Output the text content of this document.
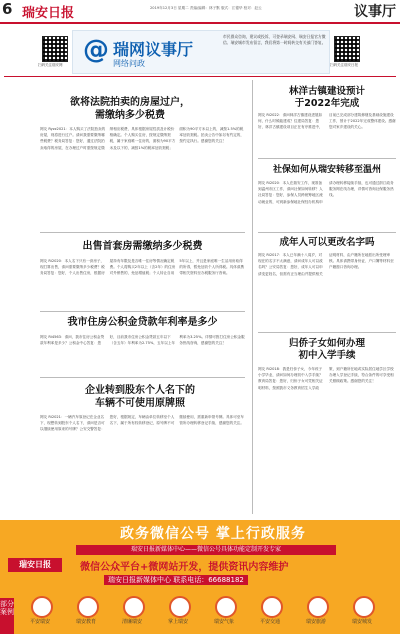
6 瑞安日报	2019年12月3日 星期二 责编/编辑：林子默 版式：江德华 校对：赵云	议事厅
扫码关注瑞安网 @ 瑞网议事厅
网络问政
市民群众咨询，建议或投诉，可登录瑞安网、瑞安日报官方微信、瑞安城市发布留言，我们将第一时间转交有关部门答复。
扫码关注瑞安日报
欲将法院拍卖的房屋过户，
需缴纳多少税费
网友 Ryzz2021：本人购买了法院拍卖的房屋，现将进行过户。请问我需要缴纳哪些税费？税务局答复：您好，通过法院拍卖取得的房屋，在办理过户时需按规定缴纳相应税费，具体根据房屋性质及计税价格确定。个人购买住房，按规定缴纳契税，属于家庭唯一住房的，面积为90平方米及以下的，减按1%的税率征收契税；面积为90平方米以上的，减按1.5%的税率征收契税。拍卖公告中如另有约定的，按约定执行。感谢您的关注！
出售首套房需缴纳多少税费
网友 Ri2020：本人名下只有一套房子，现打算出售，请问需要缴纳多少税费？税务局答复：您好，个人出售住房，根据房屋持有年限及是否唯一住房等情况确定税费。个人将购买2年以上（含2年）的住房对外销售的，免征增值税；个人转让自用5年以上，并且是家庭唯一生活用房取得的所得，暂免征收个人所得税。具体请携带相关资料至办税服务厅咨询。
我市住房公积金贷款年利率是多少
网友 Ri4563：请问，我市住房公积金贷款年利率是多少？公积金中心答复：您好，目前我市住房公积金贷款五年以下（含五年）年利率为2.75%，五年以上年利率为3.25%。详情可拨打住房公积金服务热线咨询，感谢您的关注！
企业转到股东个人名下的
车辆不可使用原牌照
网友 Ri2021：一辆汽车原登记在企业名下，现想转到股东个人名下，请问是否可以继续使用原来的号牌？公安交警答复：您好，根据规定，车辆由单位转移至个人名下，属于所有权转移登记，原号牌不可继续使用，需重新申领号牌。具体可至车管所办理转移登记手续，感谢您的关注。
林洋古镇建设预计
于2022年完成
网友 Ri2022：请问林洋古镇建设进展如何，什么时候能建成？住建局答复：您好，林洋古镇建设项目正在有序推进中，目前已完成部分建筑修缮及基础设施建设工作，预计于2022年完成整体建设。感谢您对家乡建设的关心。
社保如何从瑞安转移至温州
网友 Ri2020：本人在瑞安工作，现准备到温州市区工作，请问社保如何转移？人社局答复：您好，参保人员跨统筹地区流动就业的，可到新参保地社保经办机构申请办理转移接续手续，也可通过浙江政务服务网在线办理，详情可咨询社保服务热线。
成年人可以更改名字吗
网友 Ri2017：本人已年满十八周岁，对现在的名字不太满意，请问成年人可以改名吗？公安局答复：您好，成年人可以申请变更姓名，但需有正当理由并提供相关证明材料，由户籍所在地派出所受理审核。具体请携带身份证、户口簿等材料至户籍窗口咨询办理。
归侨子女如何办理
初中入学手续
网友 Ri2018：我是归侨子女，今年孩子小学毕业，请问如何办理初中入学手续？教育局答复：您好，归侨子女可凭相关证明材料，按照我市义务教育招生入学政策，到户籍所在地或实际居住地学区学校办理入学登记手续，符合条件的可享受相关照顾政策。感谢您的关注！
瑞安日报
政务微信公号 掌上行政服务
瑞安日报新媒体中心——微信公号具体功能定制开发专家
微信公众平台+微网站开发，提供资讯内容维护
瑞安日报新媒体中心 联系电话：66688182
部分案例
平安瑞安	瑞安教育	清廉瑞安	掌上瑞安	瑞安气象	平安交通	瑞安旅游	瑞安城发
